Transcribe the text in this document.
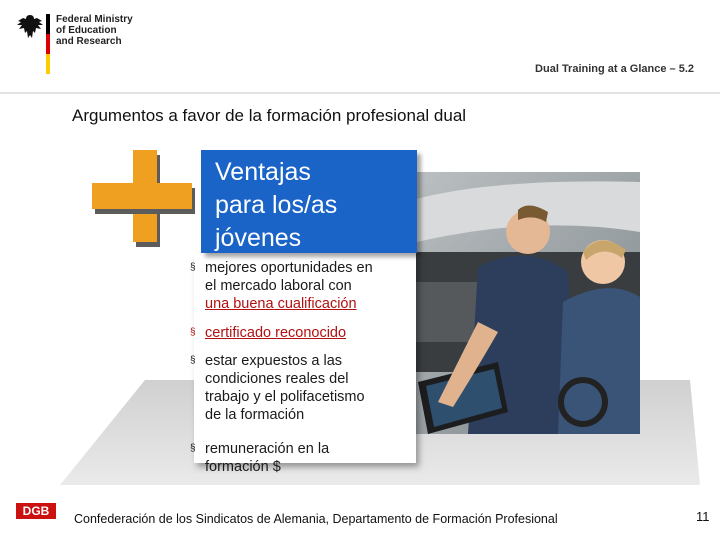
Federal Ministry
of Education
and Research
Dual Training at a Glance – 5.2
Argumentos a favor de la formación profesional dual
Ventajas
para los/as
jóvenes
§ mejores oportunidades en
el mercado laboral con
una buena cualificación
§ certificado reconocido
§ estar expuestos a las
condiciones reales del
trabajo y el polifacetismo
de la formación
§ remuneración en la
formación $
DGB
Confederación de los Sindicatos de Alemania, Departamento de Formación Profesional	11
